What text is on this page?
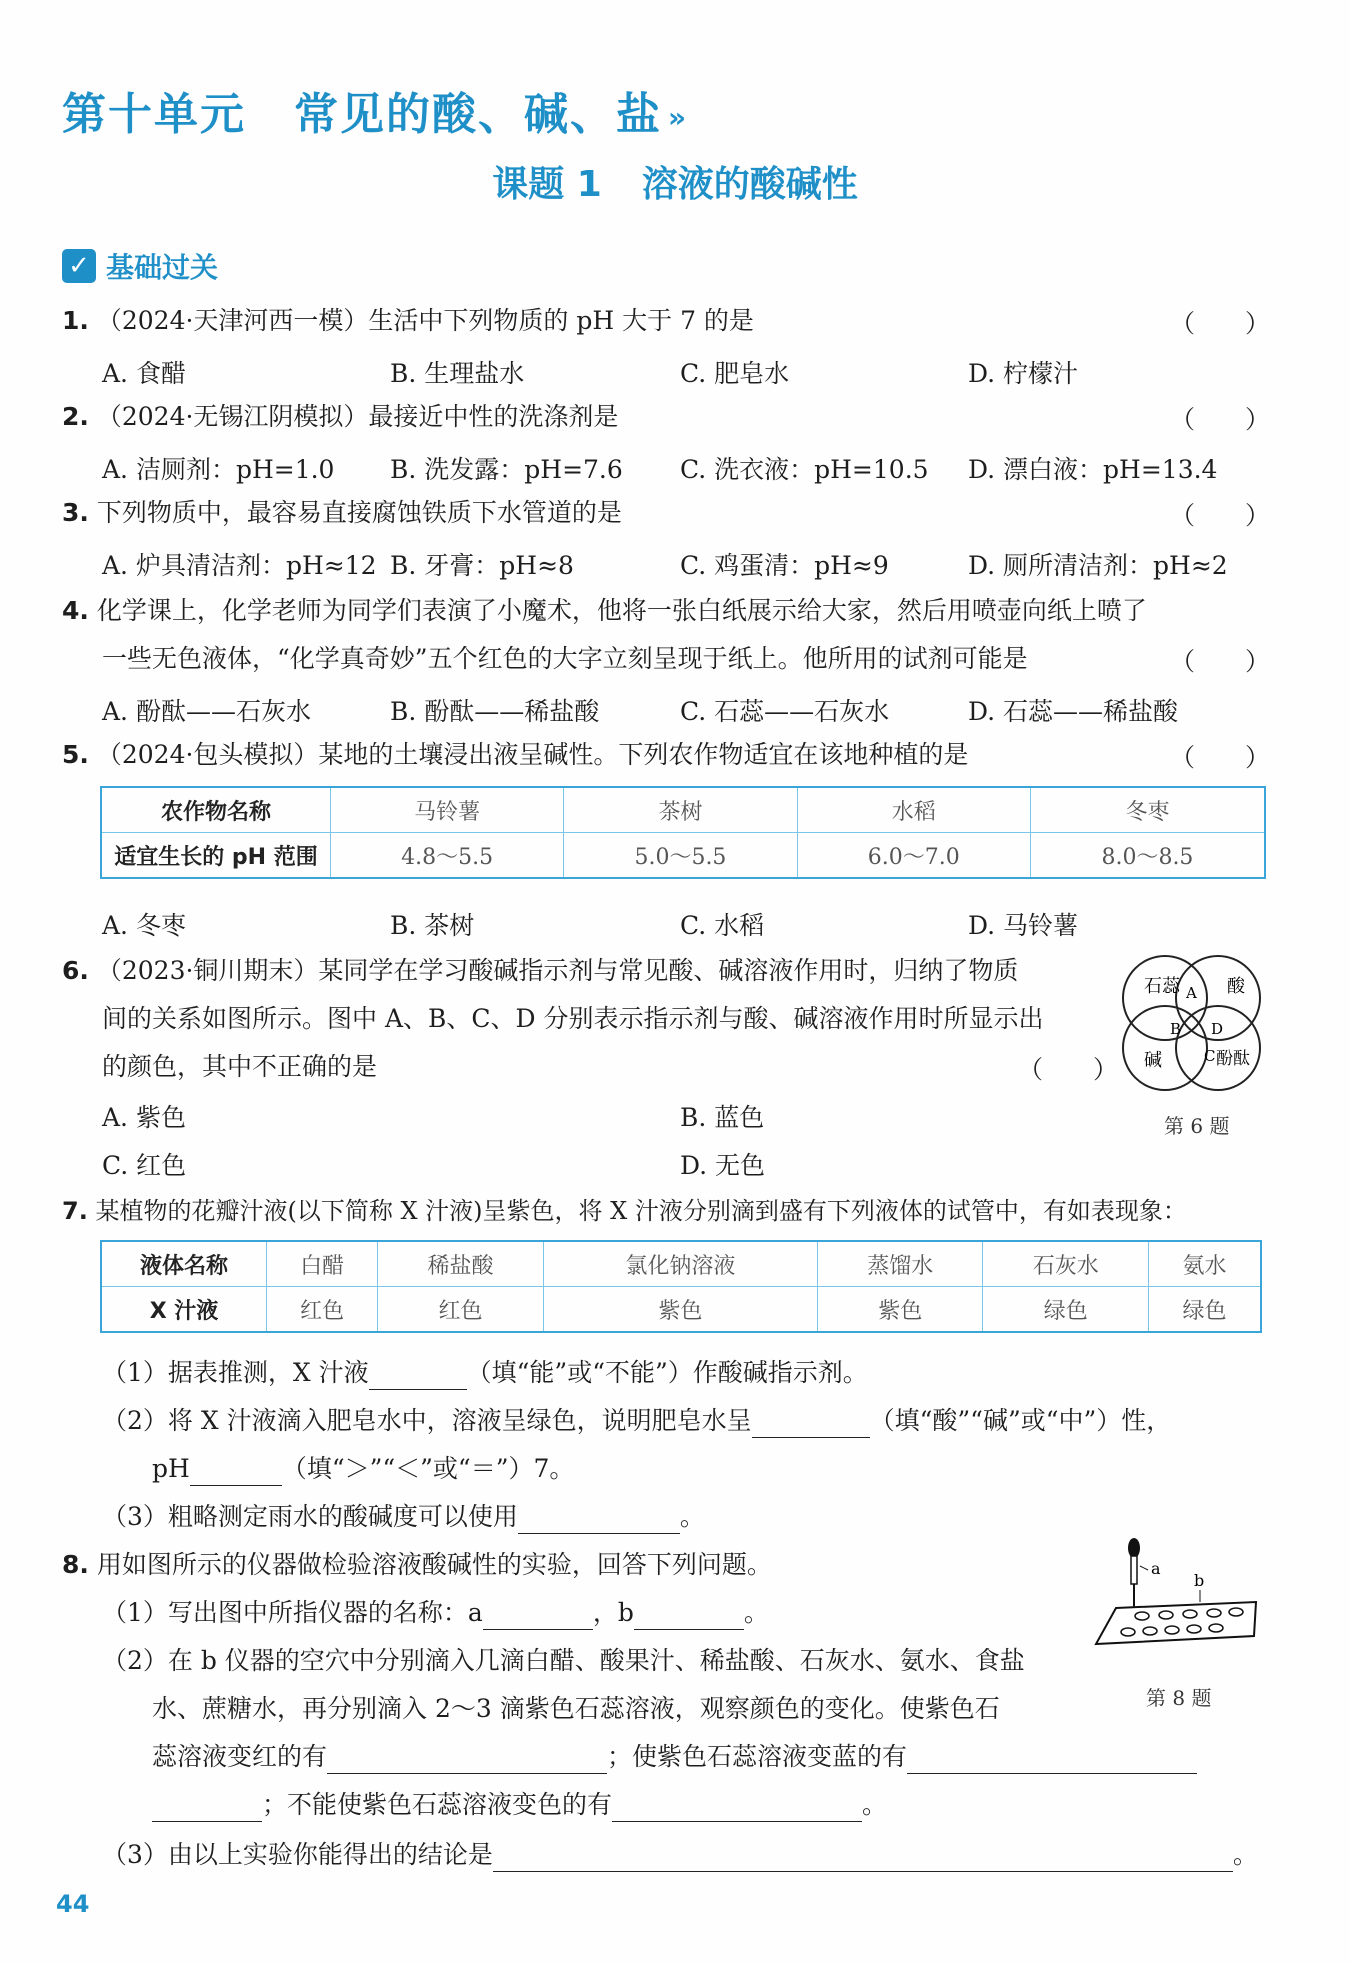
第十单元 常见的酸、碱、盐 »
课题 1 溶液的酸碱性
✓ 基础过关
1. （2024·天津河西一模）生活中下列物质的 pH 大于 7 的是	（　　）
A. 食醋	B. 生理盐水	C. 肥皂水	D. 柠檬汁
2. （2024·无锡江阴模拟）最接近中性的洗涤剂是	（　　）
A. 洁厕剂：pH=1.0 B. 洗发露：pH=7.6 C. 洗衣液：pH=10.5 D. 漂白液：pH=13.4
3. 下列物质中，最容易直接腐蚀铁质下水管道的是	（　　）
A. 炉具清洁剂：pH≈12 B. 牙膏：pH≈8	C. 鸡蛋清：pH≈9	D. 厕所清洁剂：pH≈2
4. 化学课上，化学老师为同学们表演了小魔术，他将一张白纸展示给大家，然后用喷壶向纸上喷了
一些无色液体，“化学真奇妙”五个红色的大字立刻呈现于纸上。他所用的试剂可能是	（　　）
A. 酚酞——石灰水	B. 酚酞——稀盐酸	C. 石蕊——石灰水	D. 石蕊——稀盐酸
5. （2024·包头模拟）某地的土壤浸出液呈碱性。下列农作物适宜在该地种植的是	（　　）
农作物名称	马铃薯	茶树	水稻	冬枣
适宜生长的 pH 范围	4.8～5.5	5.0～5.5	6.0～7.0	8.0～8.5
A. 冬枣	B. 茶树	C. 水稻	D. 马铃薯
6. （2023·铜川期末）某同学在学习酸碱指示剂与常见酸、碱溶液作用时，归纳了物质
间的关系如图所示。图中 A、B、C、D 分别表示指示剂与酸、碱溶液作用时所显示出
的颜色，其中不正确的是	（　　）
A. 紫色	B. 蓝色
C. 红色	D. 无色
石蕊	酸
碱	酚酞
A
B
C
D
第 6 题
7. 某植物的花瓣汁液(以下简称 X 汁液)呈紫色，将 X 汁液分别滴到盛有下列液体的试管中，有如表现象：
液体名称	白醋	稀盐酸	氯化钠溶液	蒸馏水	石灰水	氨水
X 汁液	红色	红色	紫色	紫色	绿色	绿色
（1）据表推测，X 汁液	（填“能”或“不能”）作酸碱指示剂。
（2）将 X 汁液滴入肥皂水中，溶液呈绿色，说明肥皂水呈	（填“酸”“碱”或“中”）性，
pH	（填“＞”“＜”或“＝”）7。
（3）粗略测定雨水的酸碱度可以使用	。
8. 用如图所示的仪器做检验溶液酸碱性的实验，回答下列问题。
（1）写出图中所指仪器的名称：a	，b	。
（2）在 b 仪器的空穴中分别滴入几滴白醋、酸果汁、稀盐酸、石灰水、氨水、食盐
水、蔗糖水，再分别滴入 2～3 滴紫色石蕊溶液，观察颜色的变化。使紫色石
蕊溶液变红的有	；使紫色石蕊溶液变蓝的有
；不能使紫色石蕊溶液变色的有	。
（3）由以上实验你能得出的结论是	。
a
b
第 8 题
44
